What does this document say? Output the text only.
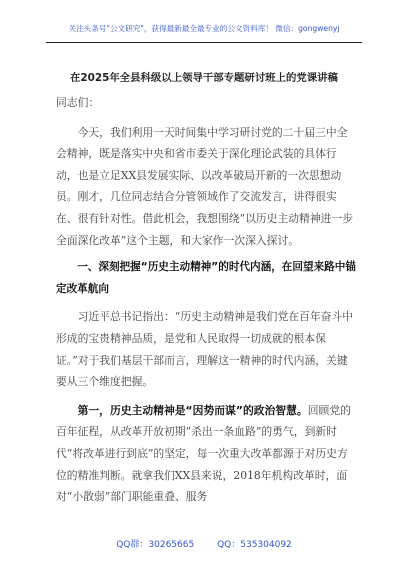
关注头条号"公文研究"，获得最新最全最专业的公文资料库！ 微信：gongwenyj
在2025年全县科级以上领导干部专题研讨班上的党课讲稿

同志们：

今天，我们利用一天时间集中学习研讨党的二十届三中全会精神，既是落实中央和省市委关于深化理论武装的具体行动，也是立足XX县发展实际、以改革破局开新的一次思想动员。刚才，几位同志结合分管领域作了交流发言，讲得很实在、很有针对性。借此机会，我想围绕“以历史主动精神进一步全面深化改革”这个主题，和大家作一次深入探讨。

一、深刻把握“历史主动精神”的时代内涵，在回望来路中锚定改革航向

习近平总书记指出：“历史主动精神是我们党在百年奋斗中形成的宝贵精神品质，是党和人民取得一切成就的根本保证。”对于我们基层干部而言，理解这一精神的时代内涵，关键要从三个维度把握。

第一，历史主动精神是“因势而谋”的政治智慧。回顾党的百年征程，从改革开放初期“杀出一条血路”的勇气，到新时代“将改革进行到底”的坚定，每一次重大改革都源于对历史方位的精准判断。就拿我们XX县来说，2018年机构改革时，面对“小散弱”部门职能重叠、服务

QQ群：30265665	QQ：535304092
